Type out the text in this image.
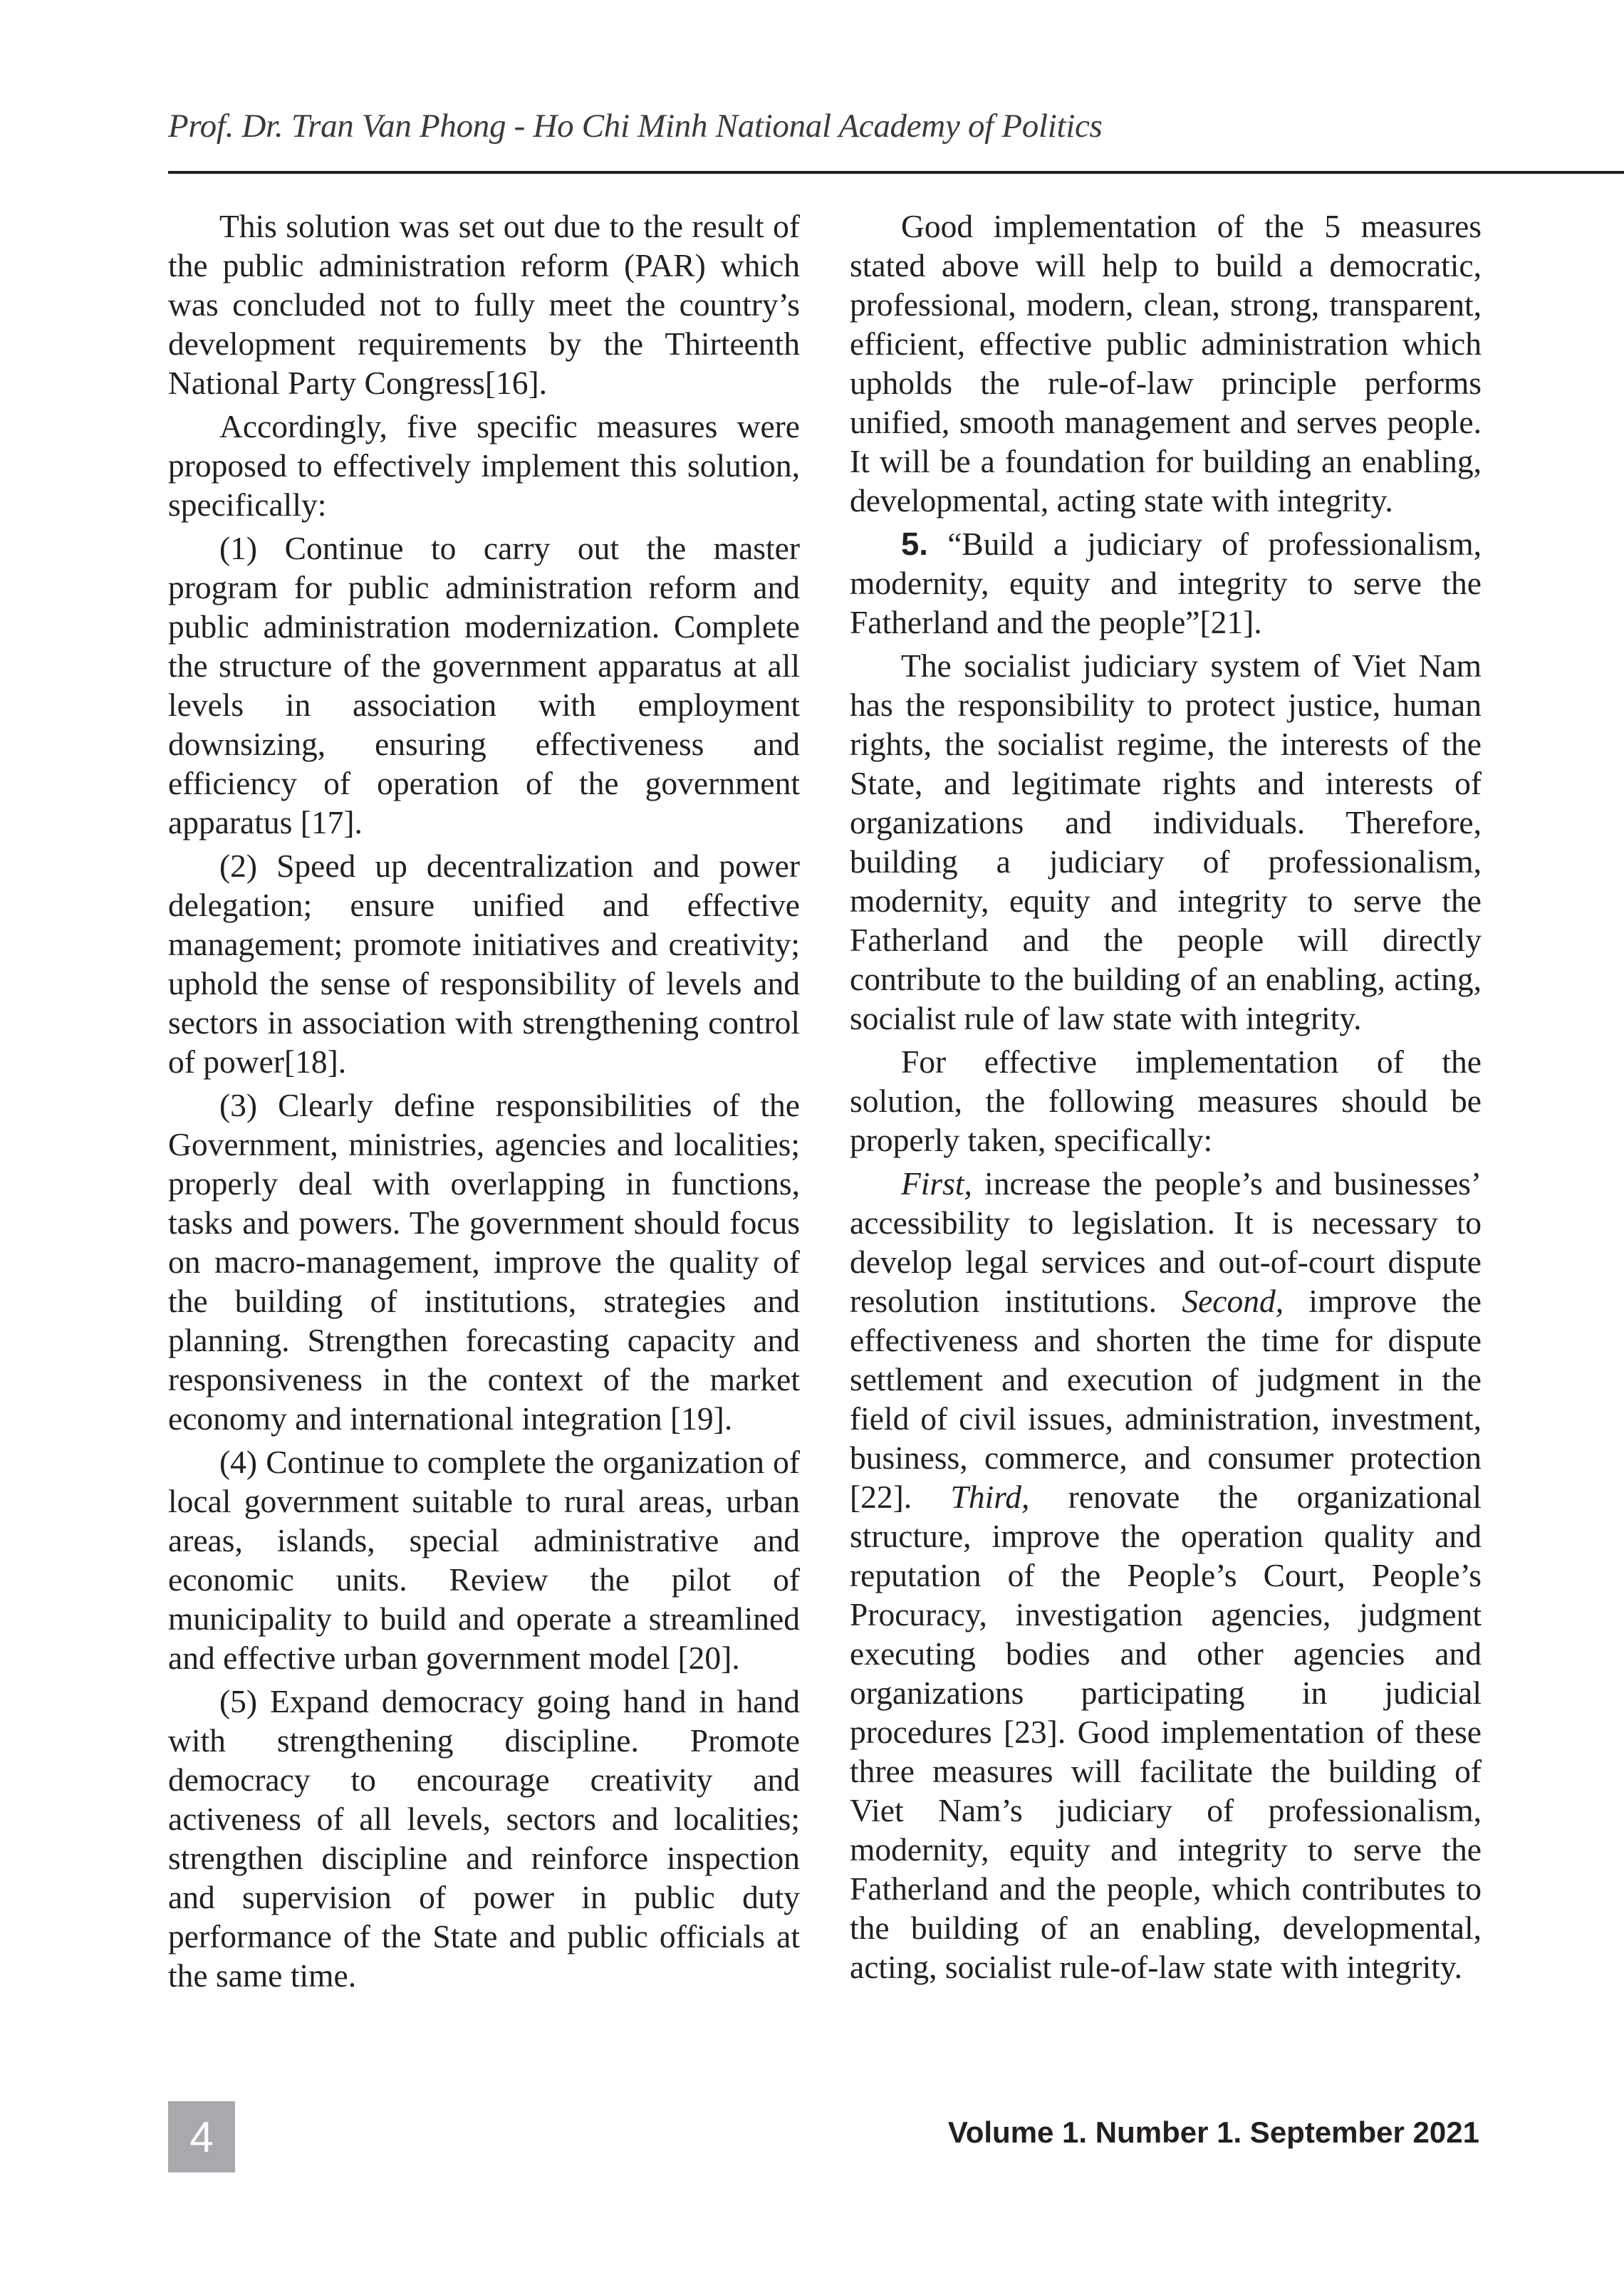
Prof. Dr. Tran Van Phong - Ho Chi Minh National Academy of Politics

This solution was set out due to the result of the public administration reform (PAR) which was concluded not to fully meet the country’s development requirements by the Thirteenth National Party Congress[16].

Accordingly, five specific measures were proposed to effectively implement this solution, specifically:

(1) Continue to carry out the master program for public administration reform and public administration modernization. Complete the structure of the government apparatus at all levels in association with employment downsizing, ensuring effectiveness and efficiency of operation of the government apparatus [17].

(2) Speed up decentralization and power delegation; ensure unified and effective management; promote initiatives and creativity; uphold the sense of responsibility of levels and sectors in association with strengthening control of power[18].

(3) Clearly define responsibilities of the Government, ministries, agencies and localities; properly deal with overlapping in functions, tasks and powers. The government should focus on macro-management, improve the quality of the building of institutions, strategies and planning. Strengthen forecasting capacity and responsiveness in the context of the market economy and international integration [19].

(4) Continue to complete the organization of local government suitable to rural areas, urban areas, islands, special administrative and economic units. Review the pilot of municipality to build and operate a streamlined and effective urban government model [20].

(5) Expand democracy going hand in hand with strengthening discipline. Promote democracy to encourage creativity and activeness of all levels, sectors and localities; strengthen discipline and reinforce inspection and supervision of power in public duty performance of the State and public officials at the same time.

Good implementation of the 5 measures stated above will help to build a democratic, professional, modern, clean, strong, transparent, efficient, effective public administration which upholds the rule-of-law principle performs unified, smooth management and serves people. It will be a foundation for building an enabling, developmental, acting state with integrity.

5. “Build a judiciary of professionalism, modernity, equity and integrity to serve the Fatherland and the people”[21].

The socialist judiciary system of Viet Nam has the responsibility to protect justice, human rights, the socialist regime, the interests of the State, and legitimate rights and interests of organizations and individuals. Therefore, building a judiciary of professionalism, modernity, equity and integrity to serve the Fatherland and the people will directly contribute to the building of an enabling, acting, socialist rule of law state with integrity.

For effective implementation of the solution, the following measures should be properly taken, specifically:

First, increase the people’s and businesses’ accessibility to legislation. It is necessary to develop legal services and out-of-court dispute resolution institutions. Second, improve the effectiveness and shorten the time for dispute settlement and execution of judgment in the field of civil issues, administration, investment, business, commerce, and consumer protection [22]. Third, renovate the organizational structure, improve the operation quality and reputation of the People’s Court, People’s Procuracy, investigation agencies, judgment executing bodies and other agencies and organizations participating in judicial procedures [23]. Good implementation of these three measures will facilitate the building of Viet Nam’s judiciary of professionalism, modernity, equity and integrity to serve the Fatherland and the people, which contributes to the building of an enabling, developmental, acting, socialist rule-of-law state with integrity.

4	Volume 1. Number 1. September 2021
